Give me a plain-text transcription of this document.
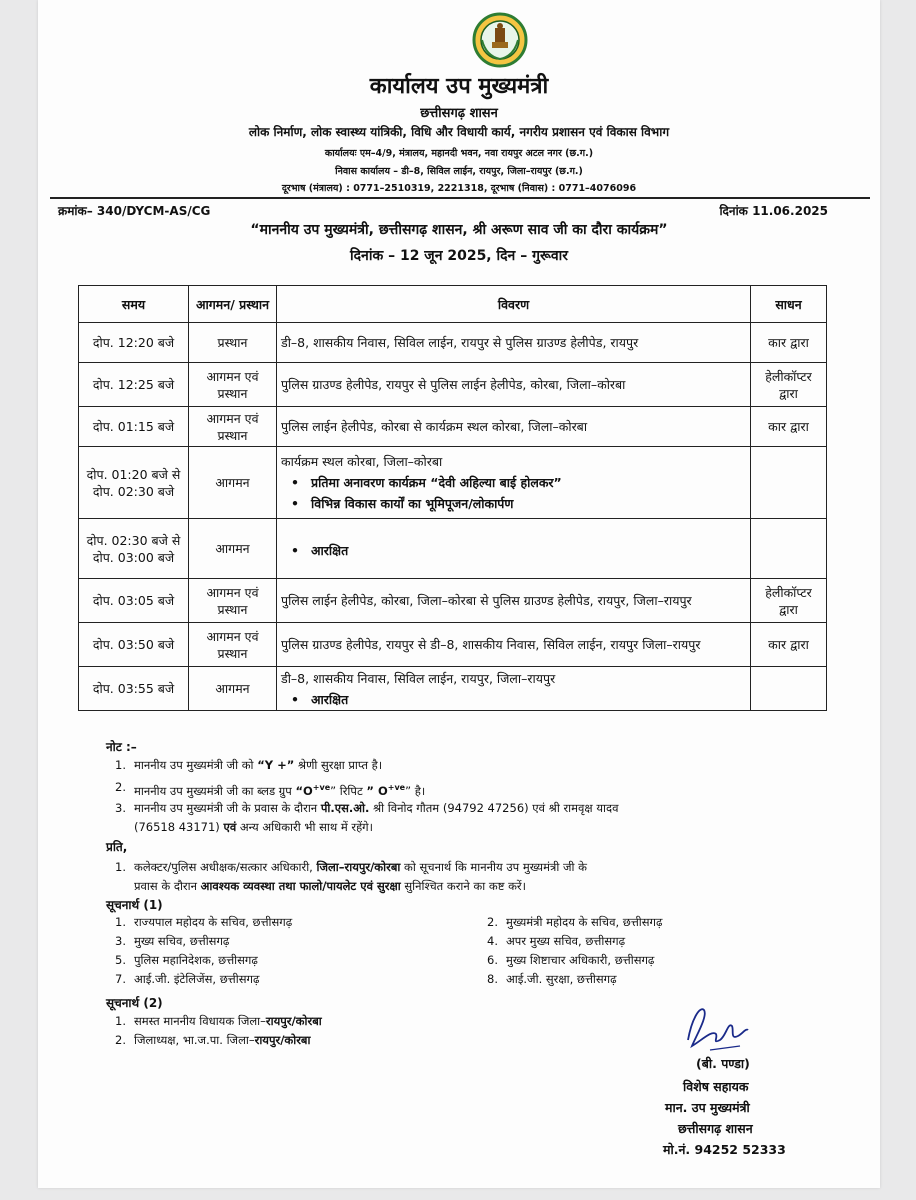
कार्यालय उप मुख्यमंत्री
छत्तीसगढ़ शासन
लोक निर्माण, लोक स्वास्थ्य यांत्रिकी, विधि और विधायी कार्य, नगरीय प्रशासन एवं विकास विभाग
कार्यालयः एम–4/9, मंत्रालय, महानदी भवन, नवा रायपुर अटल नगर (छ.ग.)
निवास कार्यालय – डी–8, सिविल लाईन, रायपुर, जिला–रायपुर (छ.ग.)
दूरभाष (मंत्रालय) : 0771–2510319, 2221318, दूरभाष (निवास) : 0771–4076096
क्रमांक– 340/DYCM-AS/CG	दिनांक 11.06.2025
“माननीय उप मुख्यमंत्री, छत्तीसगढ़ शासन, श्री अरूण साव जी का दौरा कार्यक्रम”
दिनांक – 12 जून 2025, दिन – गुरूवार
समय	आगमन/ प्रस्थान	विवरण	साधन
दोप. 12:20 बजे	प्रस्थान	डी–8, शासकीय निवास, सिविल लाईन, रायपुर से पुलिस ग्राउण्ड हेलीपेड, रायपुर	कार द्वारा
दोप. 12:25 बजे	आगमन एवं प्रस्थान	पुलिस ग्राउण्ड हेलीपेड, रायपुर से पुलिस लाईन हेलीपेड, कोरबा, जिला–कोरबा	हेलीकॉप्टर द्वारा
दोप. 01:15 बजे	आगमन एवं प्रस्थान	पुलिस लाईन हेलीपेड, कोरबा से कार्यक्रम स्थल कोरबा, जिला–कोरबा	कार द्वारा
दोप. 01:20 बजे से दोप. 02:30 बजे	आगमन	कार्यक्रम स्थल कोरबा, जिला–कोरबा
• प्रतिमा अनावरण कार्यक्रम “देवी अहिल्या बाई होलकर”
• विभिन्न विकास कार्यों का भूमिपूजन/लोकार्पण

दोप. 02:30 बजे से दोप. 03:00 बजे	आगमन	• आरक्षित

दोप. 03:05 बजे	आगमन एवं प्रस्थान	पुलिस लाईन हेलीपेड, कोरबा, जिला–कोरबा से पुलिस ग्राउण्ड हेलीपेड, रायपुर, जिला–रायपुर	हेलीकॉप्टर द्वारा
दोप. 03:50 बजे	आगमन एवं प्रस्थान	पुलिस ग्राउण्ड हेलीपेड, रायपुर से डी–8, शासकीय निवास, सिविल लाईन, रायपुर जिला–रायपुर	कार द्वारा
दोप. 03:55 बजे	आगमन	डी–8, शासकीय निवास, सिविल लाईन, रायपुर, जिला–रायपुर
• आरक्षित

नोट :–
1. माननीय उप मुख्यमंत्री जी को “Y +” श्रेणी सुरक्षा प्राप्त है।
2. माननीय उप मुख्यमंत्री जी का ब्लड ग्रुप “$O^{+ve}$” रिपिट ” $O^{+ve}$” है।
3. माननीय उप मुख्यमंत्री जी के प्रवास के दौरान पी.एस.ओ. श्री विनोद गौतम (94792 47256) एवं श्री रामवृक्ष यादव
(76518 43171) एवं अन्य अधिकारी भी साथ में रहेंगे।
प्रति,
1. कलेक्टर/पुलिस अधीक्षक/सत्कार अधिकारी, जिला–रायपुर/कोरबा को सूचनार्थ कि माननीय उप मुख्यमंत्री जी के
प्रवास के दौरान आवश्यक व्यवस्था तथा फालो/पायलेट एवं सुरक्षा सुनिश्चित कराने का कष्ट करें।
सूचनार्थ (1)
1. राज्यपाल महोदय के सचिव, छत्तीसगढ़
3. मुख्य सचिव, छत्तीसगढ़
5. पुलिस महानिदेशक, छत्तीसगढ़
7. आई.जी. इंटेलिजेंस, छत्तीसगढ़
2. मुख्यमंत्री महोदय के सचिव, छत्तीसगढ़
4. अपर मुख्य सचिव, छत्तीसगढ़
6. मुख्य शिष्टाचार अधिकारी, छत्तीसगढ़
8. आई.जी. सुरक्षा, छत्तीसगढ़
सूचनार्थ (2)
1. समस्त माननीय विधायक जिला–रायपुर/कोरबा
2. जिलाध्यक्ष, भा.ज.पा. जिला–रायपुर/कोरबा
(बी. पण्डा)
विशेष सहायक
मान. उप मुख्यमंत्री
छत्तीसगढ़ शासन
मो.नं. 94252 52333
